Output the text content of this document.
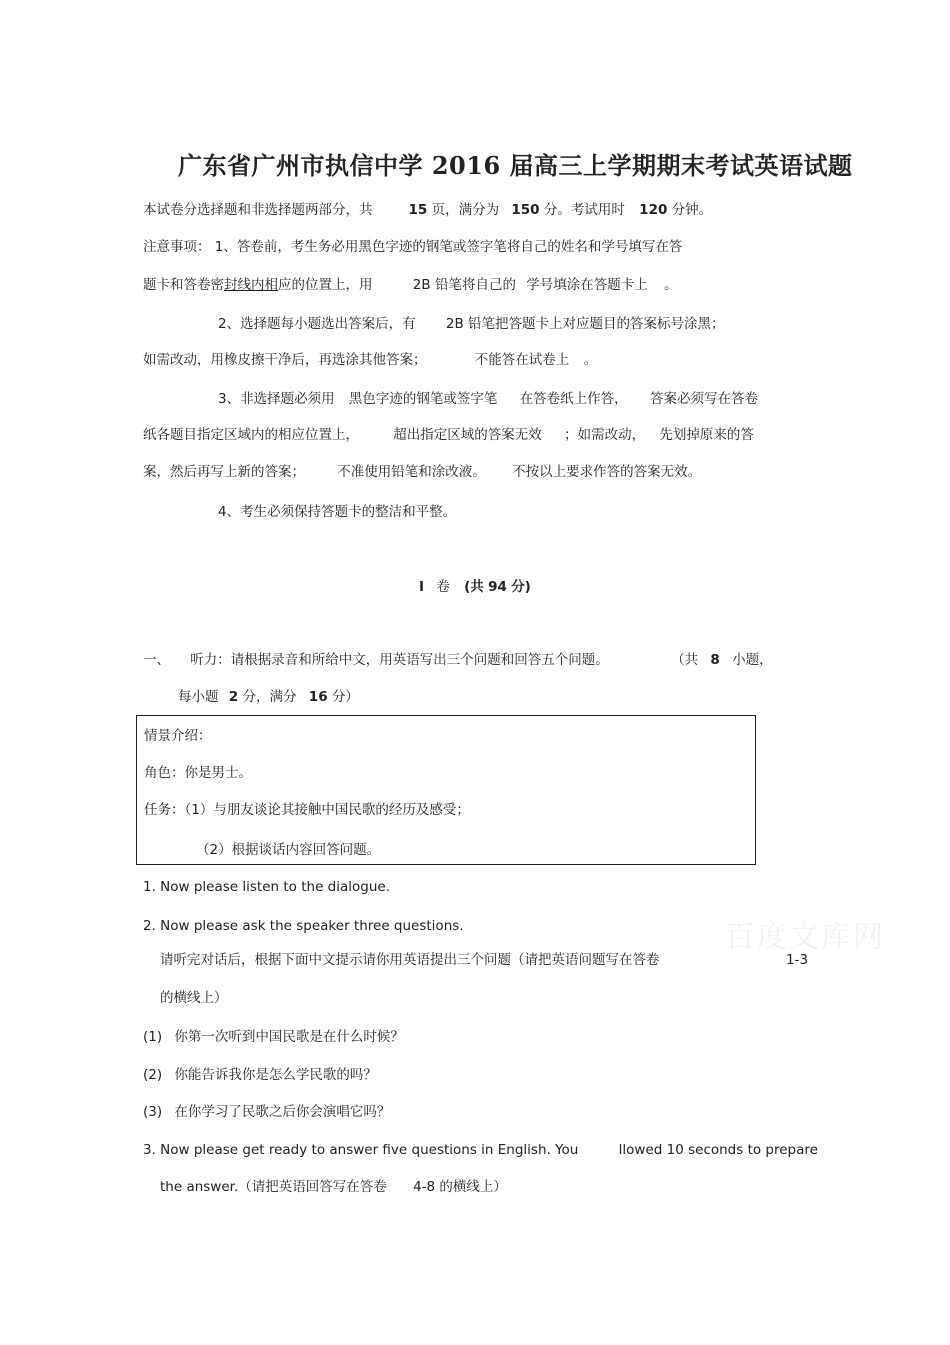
广东省广州市执信中学 2016 届高三上学期期末考试英语试题
本试卷分选择题和非选择题两部分，共	15 页，满分为 150 分。考试用时 120 分钟。
注意事项： 1、答卷前，考生务必用黑色字迹的钢笔或签字笔将自己的姓名和学号填写在答
题卡和答卷密封线内相应的位置上，用	2B 铅笔将自己的 学号填涂在答题卡上 。
2、选择题每小题选出答案后，有 2B 铅笔把答题卡上对应题目的答案标号涂黑；
如需改动，用橡皮擦干净后，再选涂其他答案；	不能答在试卷上 。
3、非选择题必须用 黑色字迹的钢笔或签字笔 在答卷纸上作答， 答案必须写在答卷
纸各题目指定区域内的相应位置上，	超出指定区域的答案无效 ；如需改动， 先划掉原来的答
案，然后再写上新的答案； 不准使用铅笔和涂改液。 不按以上要求作答的答案无效。
4、考生必须保持答题卡的整洁和平整。
I 卷 (共 94 分)
一、 听力：请根据录音和所给中文，用英语写出三个问题和回答五个问题。	（共 8 小题，
每小题 2 分，满分 16 分）
情景介绍：
角色：你是男士。
任务：（1）与朋友谈论其接触中国民歌的经历及感受；
（2）根据谈话内容回答问题。
1. Now please listen to the dialogue.
2. Now please ask the speaker three questions.
请听完对话后，根据下面中文提示请你用英语提出三个问题（请把英语问题写在答卷	1-3
的横线上）
(1) 你第一次听到中国民歌是在什么时候？
(2) 你能告诉我你是怎么学民歌的吗？
(3) 在你学习了民歌之后你会演唱它吗？
3. Now please get ready to answer five questions in English. You	llowed 10 seconds to prepare
the answer.（请把英语回答写在答卷 4-8 的横线上）
百度文库网
